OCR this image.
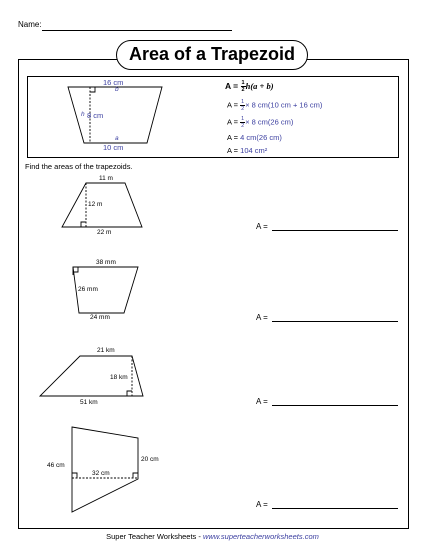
Name:
Area of a Trapezoid
16 cm
b
h 8 cm
a
10 cm
$A = \frac{1}{2} h(a + b)$
$A = \frac{1}{2} \times 8$ cm(10 cm + 16 cm)
$A = \frac{1}{2} \times 8$ cm(26 cm)
A = 4 cm(26 cm)
A = 104 cm²
Find the areas of the trapezoids.
11 m
12 m
22 m
A =
38 mm
26 mm
24 mm	A =
21 km
18 km
51 km	A =
46 cm
20 cm
32 cm
A =
Super Teacher Worksheets - www.superteacherworksheets.com
